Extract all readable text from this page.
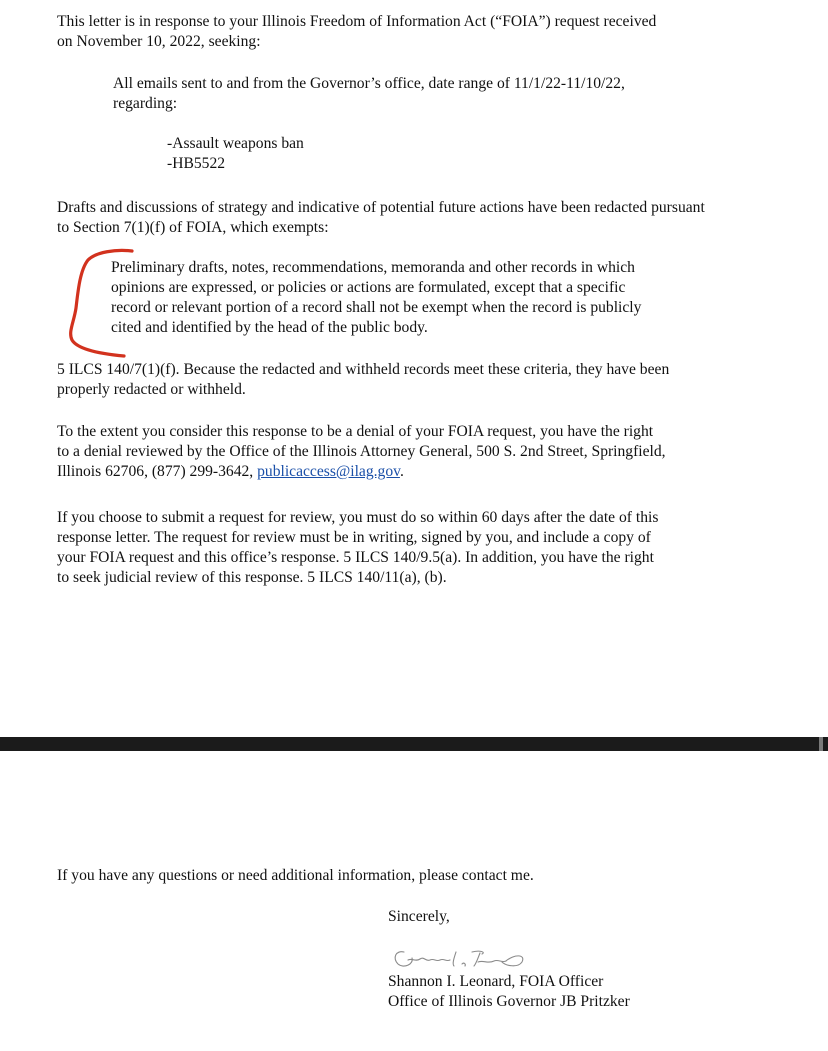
This letter is in response to your Illinois Freedom of Information Act (“FOIA”) request received
on November 10, 2022, seeking:
All emails sent to and from the Governor’s office, date range of 11/1/22-11/10/22,
regarding:
-Assault weapons ban
-HB5522
Drafts and discussions of strategy and indicative of potential future actions have been redacted pursuant
to Section 7(1)(f) of FOIA, which exempts:
Preliminary drafts, notes, recommendations, memoranda and other records in which
opinions are expressed, or policies or actions are formulated, except that a specific
record or relevant portion of a record shall not be exempt when the record is publicly
cited and identified by the head of the public body.
5 ILCS 140/7(1)(f). Because the redacted and withheld records meet these criteria, they have been
properly redacted or withheld.
To the extent you consider this response to be a denial of your FOIA request, you have the right
to a denial reviewed by the Office of the Illinois Attorney General, 500 S. 2nd Street, Springfield,
Illinois 62706, (877) 299-3642, publicaccess@ilag.gov.
If you choose to submit a request for review, you must do so within 60 days after the date of this
response letter. The request for review must be in writing, signed by you, and include a copy of
your FOIA request and this office’s response. 5 ILCS 140/9.5(a). In addition, you have the right
to seek judicial review of this response. 5 ILCS 140/11(a), (b).
If you have any questions or need additional information, please contact me.
Sincerely,
Shannon I. Leonard, FOIA Officer
Office of Illinois Governor JB Pritzker
